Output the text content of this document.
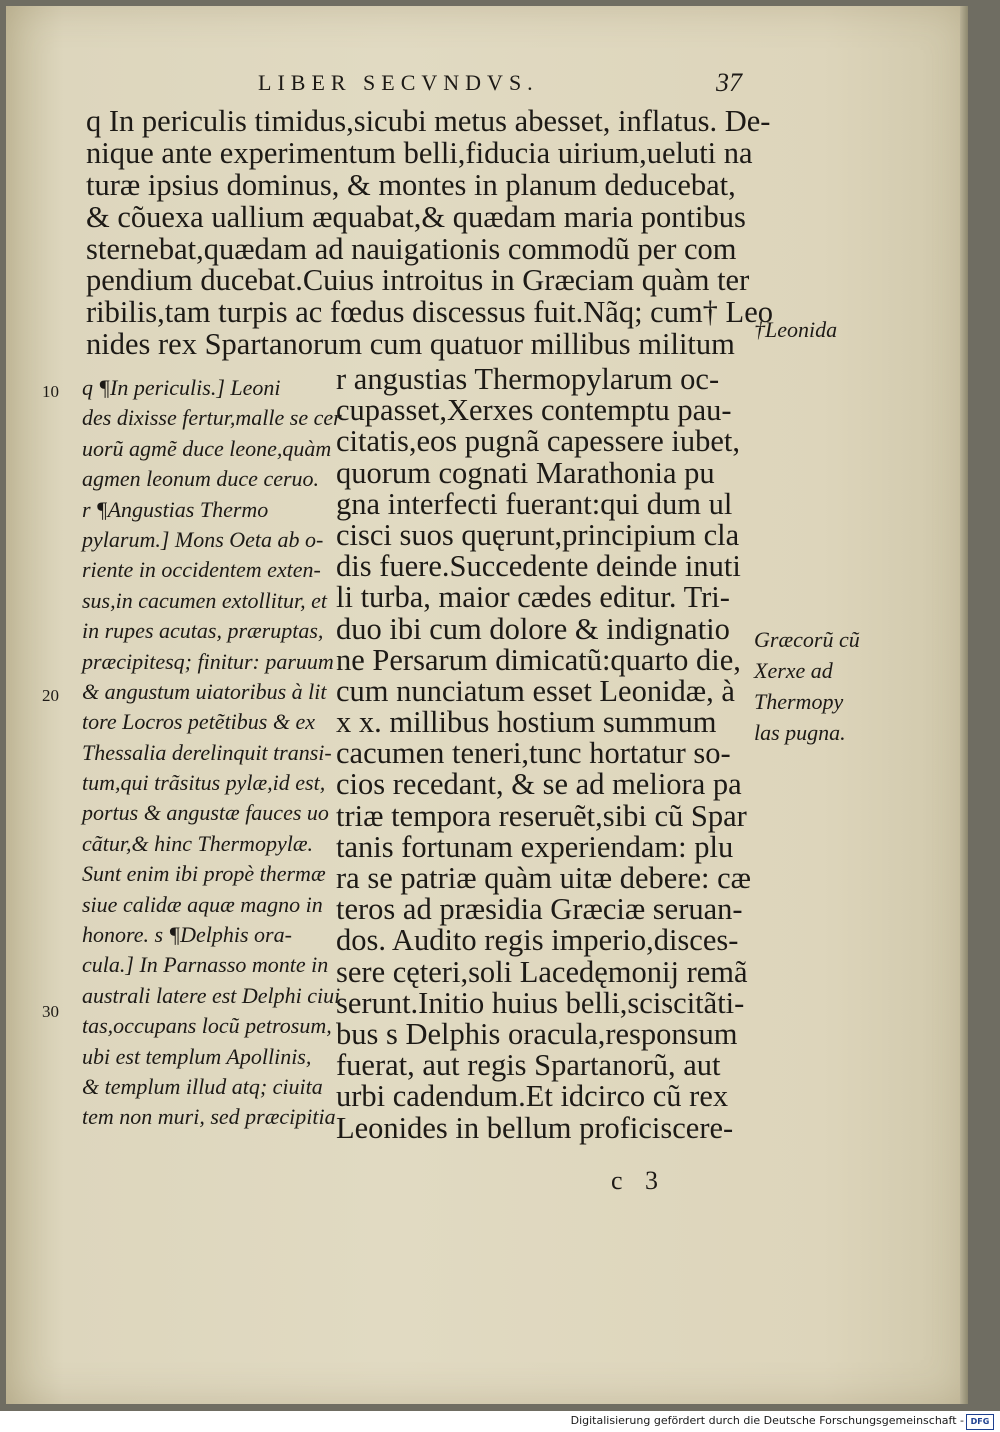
LIBER SECVNDVS.	37
q In periculis timidus,sicubi metus abesset, inflatus. De-
nique ante experimentum belli,fiducia uirium,ueluti na
turæ ipsius dominus, & montes in planum deducebat,
& cõuexa uallium æquabat,& quædam maria pontibus
sternebat,quædam ad nauigationis commodũ per com
pendium ducebat.Cuius introitus in Græciam quàm ter
ribilis,tam turpis ac fœdus discessus fuit.Nãq; cum† Leo
nides rex Spartanorum cum quatuor millibus militum
q ¶In periculis.] Leoni
des dixisse fertur,malle se cer
uorũ agmẽ duce leone,quàm
agmen leonum duce ceruo.
r ¶Angustias Thermo
pylarum.] Mons Oeta ab o-
riente in occidentem exten-
sus,in cacumen extollitur, et
in rupes acutas, præruptas,
præcipitesq; finitur: paruum
& angustum uiatoribus à lit
tore Locros petẽtibus & ex
Thessalia derelinquit transi-
tum,qui trãsitus pylæ,id est,
portus & angustæ fauces uo
cãtur,& hinc Thermopylæ.
Sunt enim ibi propè thermæ
siue calidæ aquæ magno in
honore. s ¶Delphis ora-
cula.] In Parnasso monte in
australi latere est Delphi ciui
tas,occupans locũ petrosum,
ubi est templum Apollinis,
& templum illud atq; ciuita
tem non muri, sed præcipitia
10
20
30
r angustias Thermopylarum oc-
cupasset,Xerxes contemptu pau-
citatis,eos pugnã capessere iubet,
quorum cognati Marathonia pu
gna interfecti fuerant:qui dum ul
cisci suos quęrunt,principium cla
dis fuere.Succedente deinde inuti
li turba, maior cædes editur. Tri-
duo ibi cum dolore & indignatio
ne Persarum dimicatũ:quarto die,
cum nunciatum esset Leonidæ, à
x x. millibus hostium summum
cacumen teneri,tunc hortatur so-
cios recedant, & se ad meliora pa
triæ tempora reseruẽt,sibi cũ Spar
tanis fortunam experiendam: plu
ra se patriæ quàm uitæ debere: cæ
teros ad præsidia Græciæ seruan-
dos. Audito regis imperio,disces-
sere cęteri,soli Lacedęmonij remã
serunt.Initio huius belli,sciscitãti-
bus s Delphis oracula,responsum
fuerat, aut regis Spartanorũ, aut
urbi cadendum.Et idcirco cũ rex
Leonides in bellum proficiscere-
†Leonida
Græcorũ cũ
Xerxe ad
Thermopy
las pugna.
c 3
Digitalisierung gefördert durch die Deutsche Forschungsgemeinschaft - DFG
